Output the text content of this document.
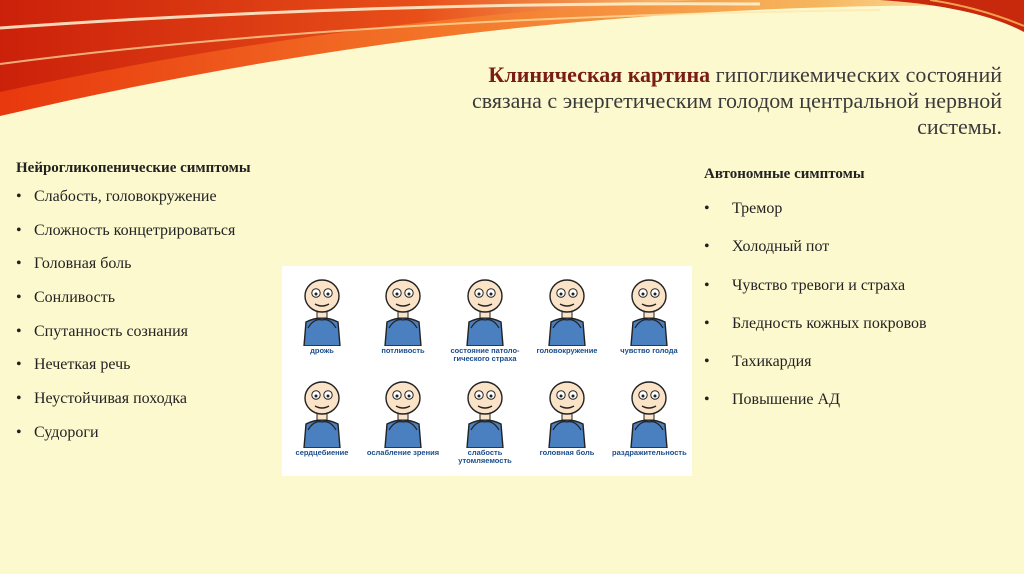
Клиническая картина гипогликемических состояний
связана с энергетическим голодом центральной нервной
системы.
Нейрогликопенические симптомы
• Слабость, головокружение
• Сложность концетрироваться
• Головная боль
• Сонливость
• Спутанность сознания
• Нечеткая речь
• Неустойчивая походка
• Судороги
Автономные симптомы
• Тремор
• Холодный пот
• Чувство тревоги и страха
• Бледность кожных покровов
• Тахикардия
• Повышение АД
дрожь	потливость	состояние патоло-гического страха
головокружение	чувство голода
сердцебиение	ослабление зрения	слабость утомляемость
головная боль	раздражительность
